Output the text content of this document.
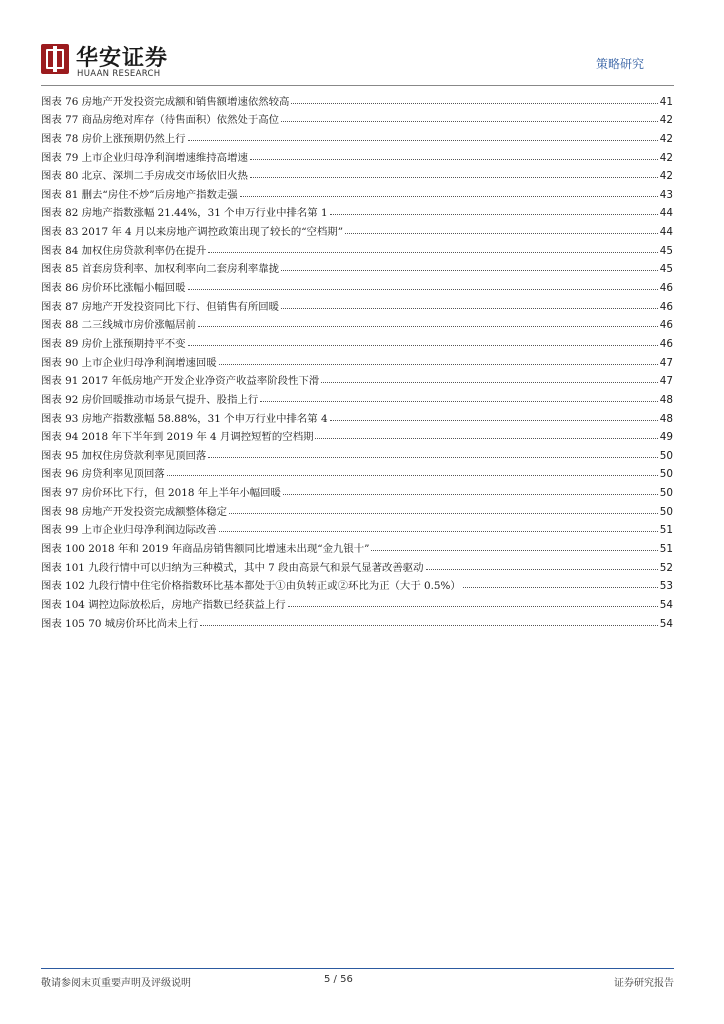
华安证券
HUAAN RESEARCH
策略研究
图表 76 房地产开发投资完成额和销售额增速依然较高	41
图表 77 商品房绝对库存（待售面积）依然处于高位	42
图表 78 房价上涨预期仍然上行	42
图表 79 上市企业归母净利润增速维持高增速	42
图表 80 北京、深圳二手房成交市场依旧火热	42
图表 81 删去“房住不炒”后房地产指数走强	43
图表 82 房地产指数涨幅 21.44%，31 个申万行业中排名第 1	44
图表 83 2017 年 4 月以来房地产调控政策出现了较长的“空档期”	44
图表 84 加权住房贷款利率仍在提升	45
图表 85 首套房贷利率、加权利率向二套房利率靠拢	45
图表 86 房价环比涨幅小幅回暖	46
图表 87 房地产开发投资同比下行、但销售有所回暖	46
图表 88 二三线城市房价涨幅居前	46
图表 89 房价上涨预期持平不变	46
图表 90 上市企业归母净利润增速回暖	47
图表 91 2017 年低房地产开发企业净资产收益率阶段性下滑	47
图表 92 房价回暖推动市场景气提升、股指上行	48
图表 93 房地产指数涨幅 58.88%，31 个申万行业中排名第 4	48
图表 94 2018 年下半年到 2019 年 4 月调控短暂的空档期	49
图表 95 加权住房贷款利率见顶回落	50
图表 96 房贷利率见顶回落	50
图表 97 房价环比下行，但 2018 年上半年小幅回暖	50
图表 98 房地产开发投资完成额整体稳定	50
图表 99 上市企业归母净利润边际改善	51
图表 100 2018 年和 2019 年商品房销售额同比增速未出现“金九银十”	51
图表 101 九段行情中可以归纳为三种模式，其中 7 段由高景气和景气显著改善驱动	52
图表 102 九段行情中住宅价格指数环比基本都处于①由负转正或②环比为正（大于 0.5%）	53
图表 104 调控边际放松后，房地产指数已经获益上行	54
图表 105 70 城房价环比尚未上行	54
敬请参阅末页重要声明及评级说明	5 / 56	证券研究报告
